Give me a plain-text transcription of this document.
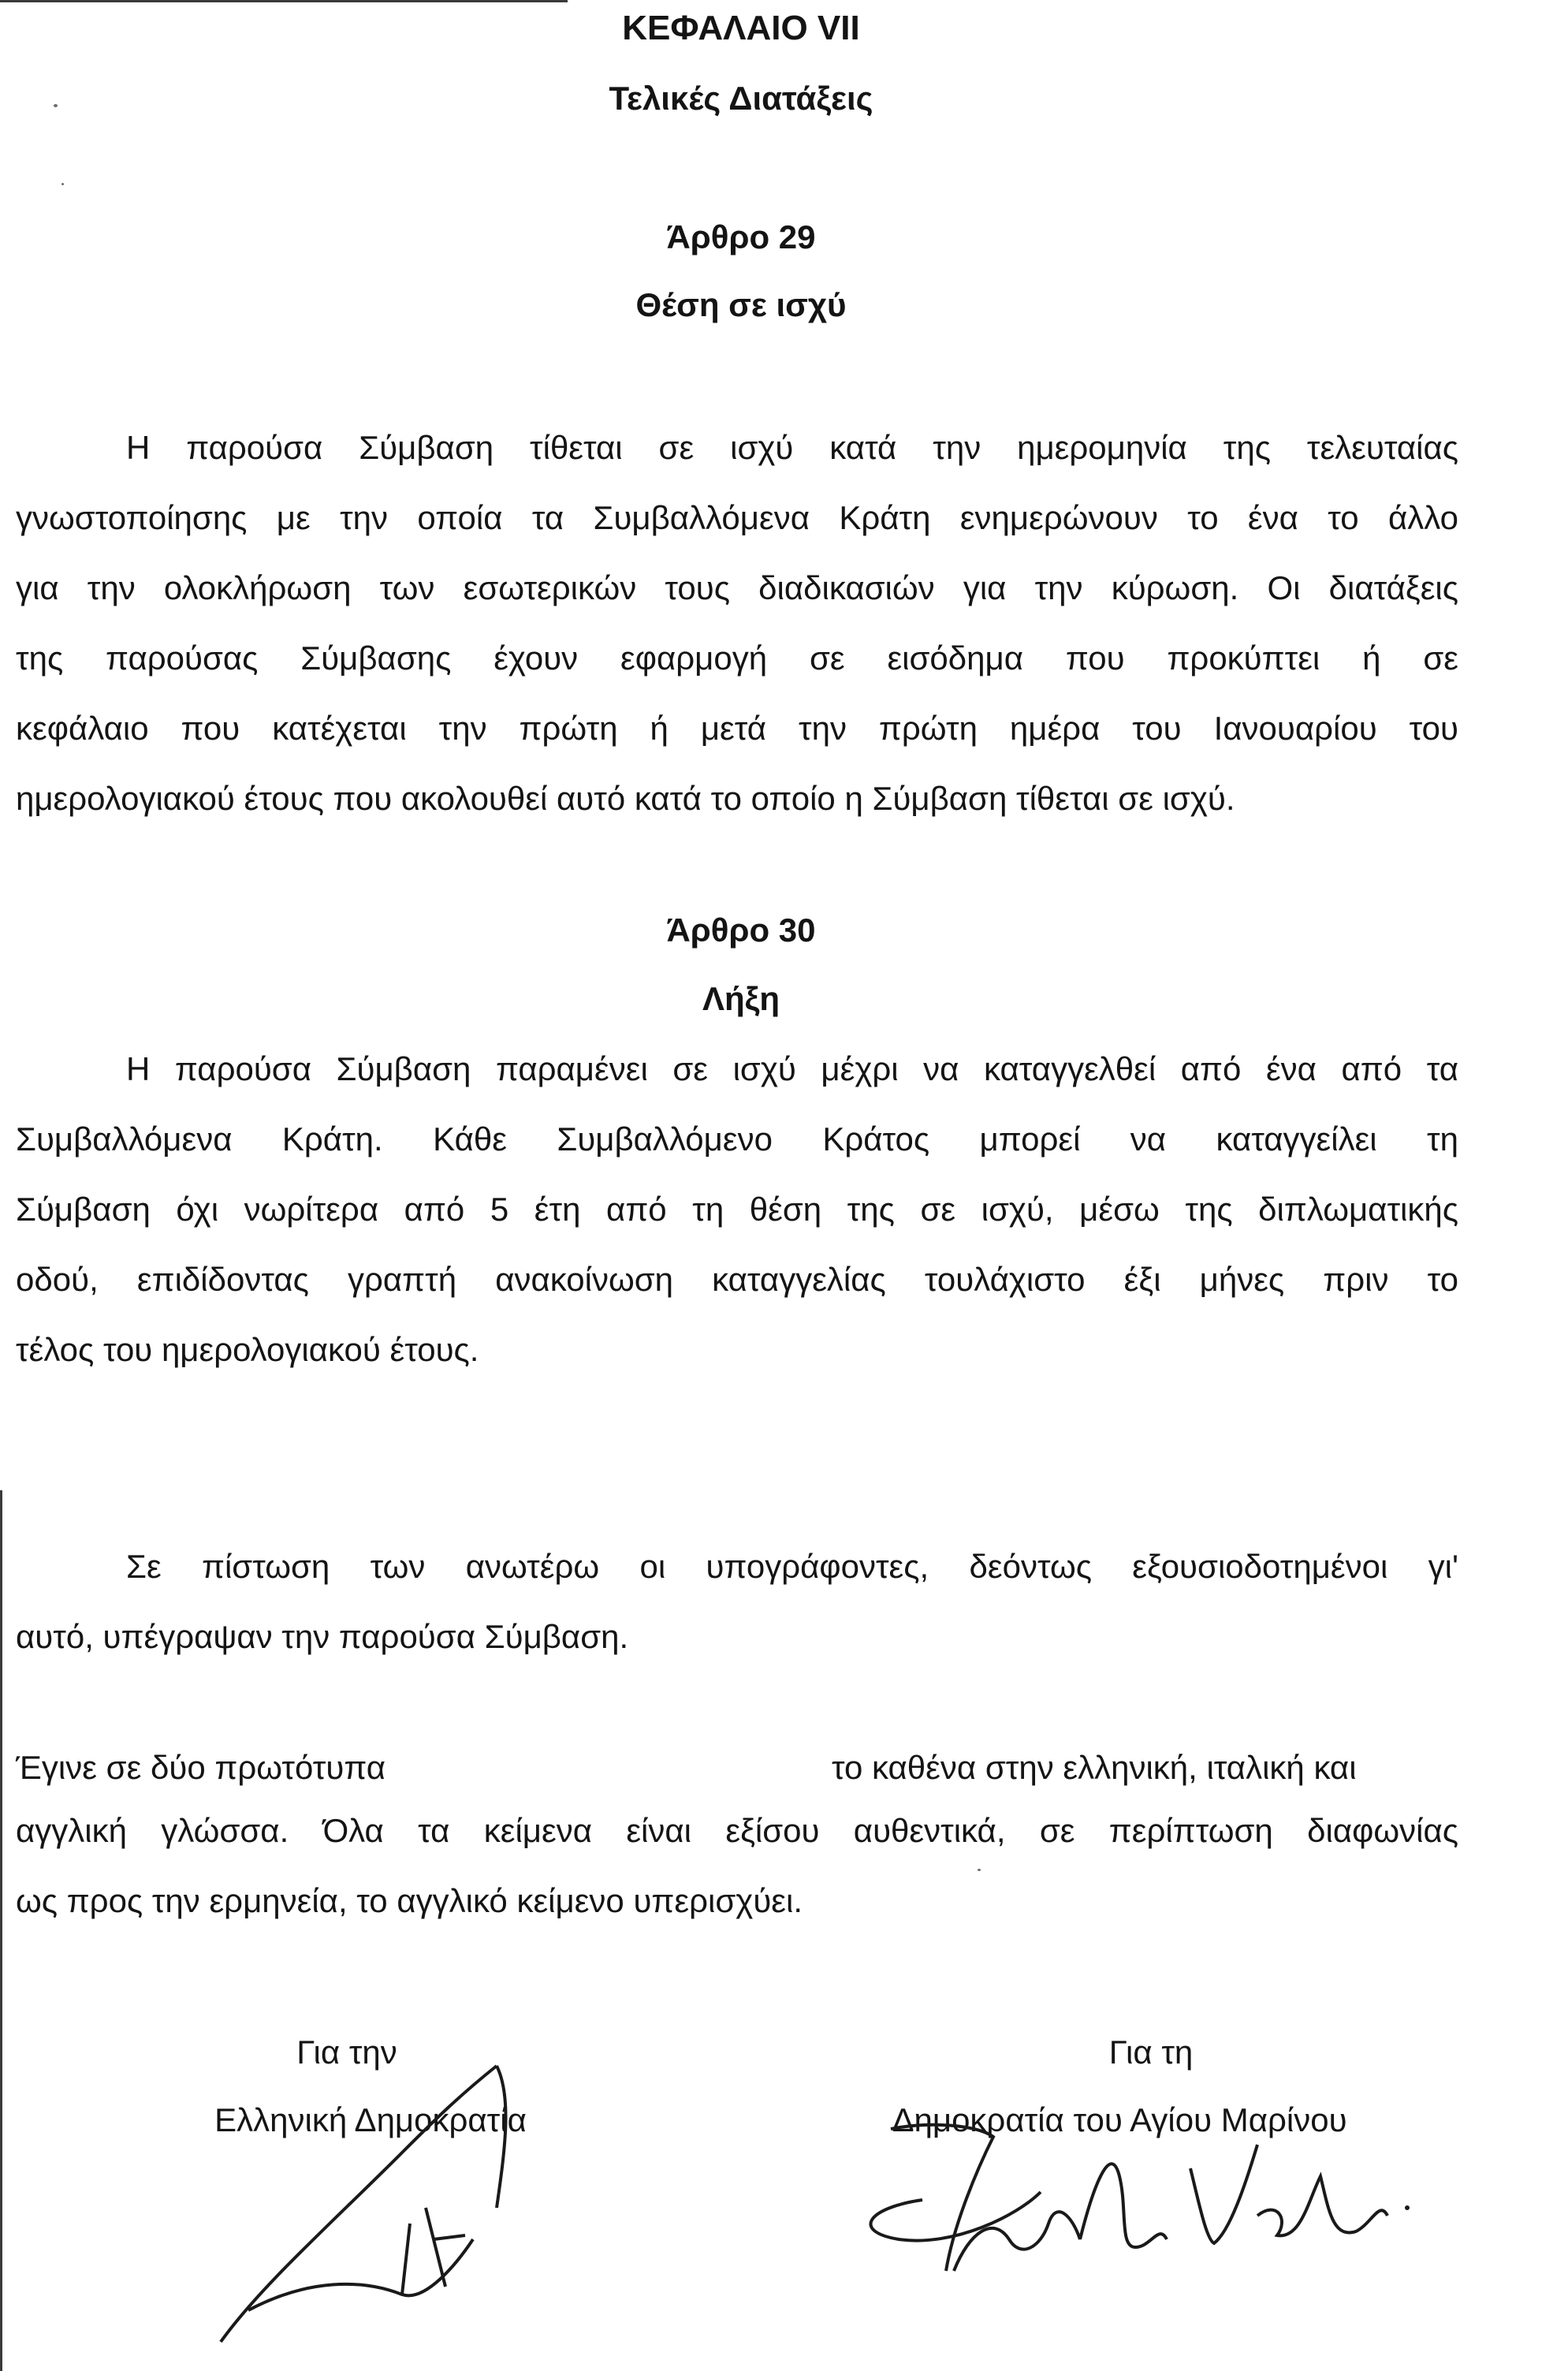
ΚΕΦΑΛΑΙΟ VII
Τελικές Διατάξεις
Άρθρο 29
Θέση σε ισχύ
Η παρούσα Σύμβαση τίθεται σε ισχύ κατά την ημερομηνία της τελευταίας
γνωστοποίησης με την οποία τα Συμβαλλόμενα Κράτη ενημερώνουν το ένα το άλλο
για την ολοκλήρωση των εσωτερικών τους διαδικασιών για την κύρωση. Οι διατάξεις
της παρούσας Σύμβασης έχουν εφαρμογή σε εισόδημα που προκύπτει ή σε
κεφάλαιο που κατέχεται την πρώτη ή μετά την πρώτη ημέρα του Ιανουαρίου του
ημερολογιακού έτους που ακολουθεί αυτό κατά το οποίο η Σύμβαση τίθεται σε ισχύ.
Άρθρο 30
Λήξη
Η παρούσα Σύμβαση παραμένει σε ισχύ μέχρι να καταγγελθεί από ένα από τα
Συμβαλλόμενα Κράτη. Κάθε Συμβαλλόμενο Κράτος μπορεί να καταγγείλει τη
Σύμβαση όχι νωρίτερα από 5 έτη από τη θέση της σε ισχύ, μέσω της διπλωματικής
οδού, επιδίδοντας γραπτή ανακοίνωση καταγγελίας τουλάχιστο έξι μήνες πριν το
τέλος του ημερολογιακού έτους.
Σε πίστωση των ανωτέρω οι υπογράφοντες, δεόντως εξουσιοδοτημένοι γι'
αυτό, υπέγραψαν την παρούσα Σύμβαση.
Έγινε σε δύο πρωτότυπα	το καθένα στην ελληνική, ιταλική και
αγγλική γλώσσα. Όλα τα κείμενα είναι εξίσου αυθεντικά, σε περίπτωση διαφωνίας
ως προς την ερμηνεία, το αγγλικό κείμενο υπερισχύει.
Για την
Ελληνική Δημοκρατία
Για τη
Δημοκρατία του Αγίου Μαρίνου
